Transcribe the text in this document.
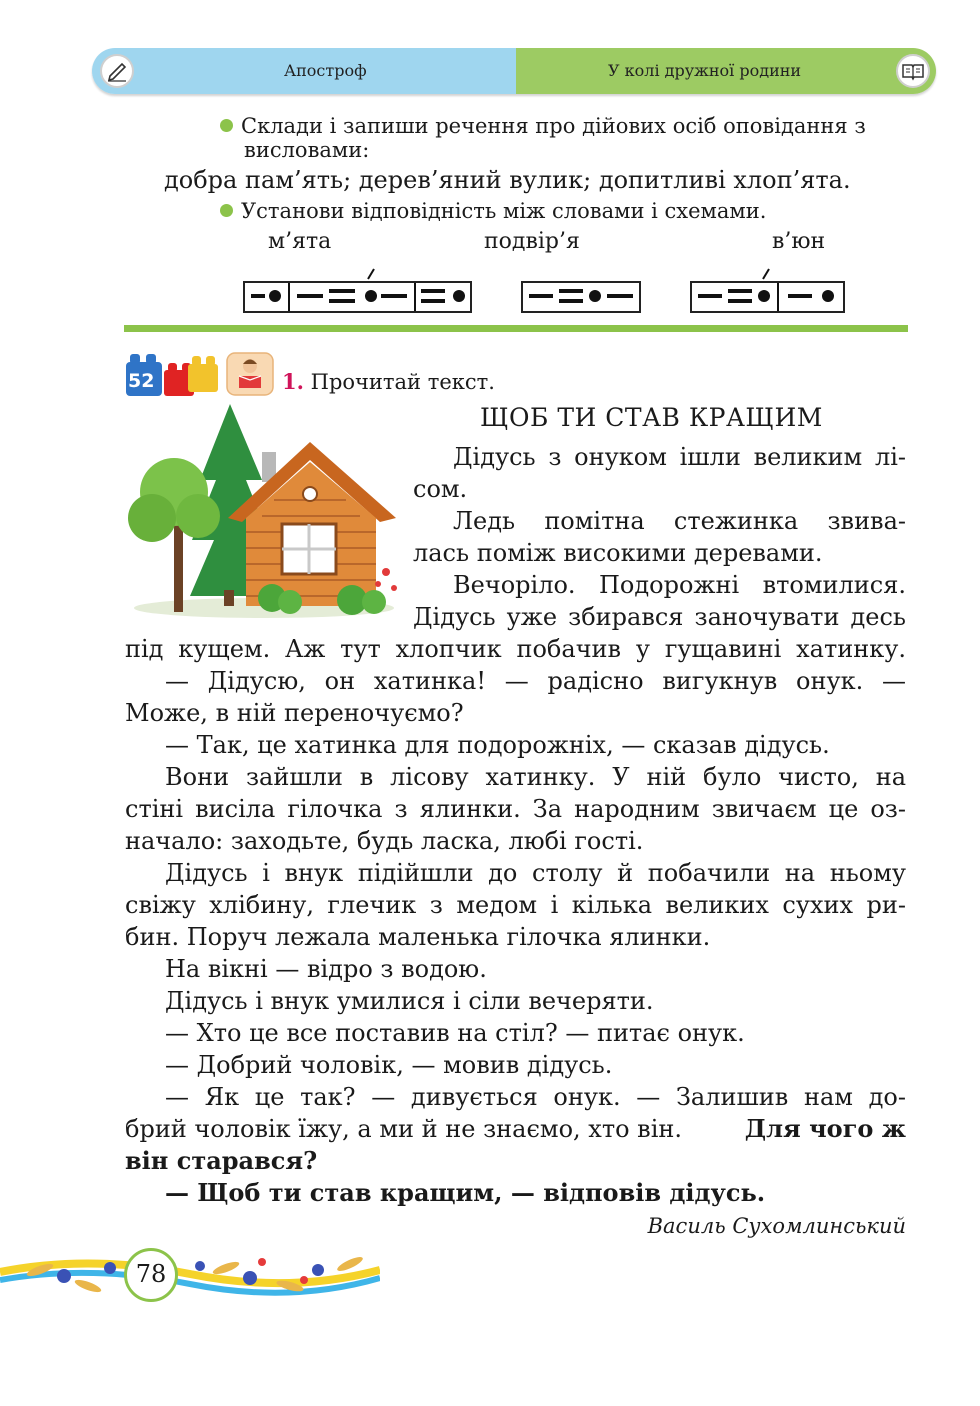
Апостроф	У колі дружної родини
Склади і запиши речення про дійових осіб оповідання з
висловами:
добра пам’ять; дерев’яний вулик; допитливі хлоп’ята.
Установи відповідність між словами і схемами.
м’ята	подвір’я	в’юн
52	1. Прочитай текст.
ЩОБ ТИ СТАВ КРАЩИМ
Дідусь з онуком ішли великим лі-
сом.
Ледь помітна стежинка звива-
лась поміж високими деревами.
Вечоріло. Подорожні втомилися.
Дідусь уже збирався заночувати десь
під кущем. Аж тут хлопчик побачив у гущавині хатинку.
— Дідусю, он хатинка! — радісно вигукнув онук. —
Може, в ній переночуємо?
— Так, це хатинка для подорожніх, — сказав дідусь.
Вони зайшли в лісову хатинку. У ній було чисто, на
стіні висіла гілочка з ялинки. За народним звичаєм це оз-
начало: заходьте, будь ласка, любі гості.
Дідусь і внук підійшли до столу й побачили на ньому
свіжу хлібину, глечик з медом і кілька великих сухих ри-
бин. Поруч лежала маленька гілочка ялинки.
На вікні — відро з водою.
Дідусь і внук умилися і сіли вечеряти.
— Хто це все поставив на стіл? — питає онук.
— Добрий чоловік, — мовив дідусь.
— Як це так? — дивується онук. — Залишив нам до-
брий чоловік їжу, а ми й не знаємо, хто він.	Для чого ж
він старався?
— Щоб ти став кращим, — відповів дідусь.
Василь Сухомлинський
78
